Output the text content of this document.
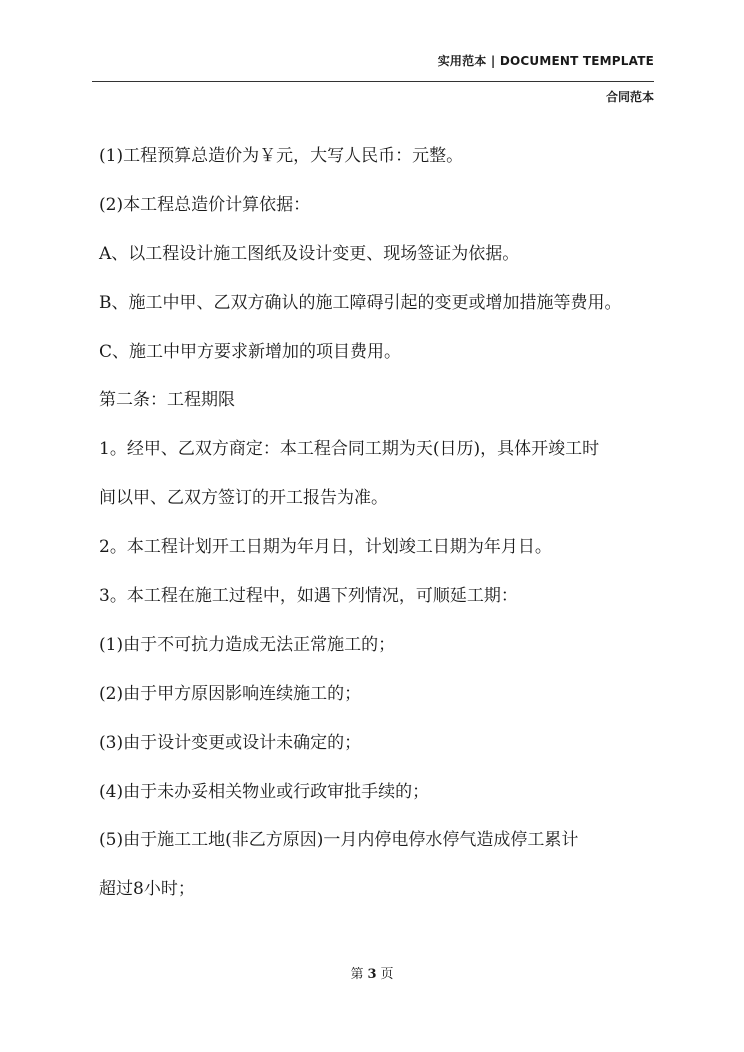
实用范本 | DOCUMENT TEMPLATE
合同范本
(1)工程预算总造价为￥元，大写人民币：元整。
(2)本工程总造价计算依据：
A、以工程设计施工图纸及设计变更、现场签证为依据。
B、施工中甲、乙双方确认的施工障碍引起的变更或增加措施等费用。
C、施工中甲方要求新增加的项目费用。
第二条：工程期限
1。经甲、乙双方商定：本工程合同工期为天(日历)，具体开竣工时
间以甲、乙双方签订的开工报告为准。
2。本工程计划开工日期为年月日，计划竣工日期为年月日。
3。本工程在施工过程中，如遇下列情况，可顺延工期：
(1)由于不可抗力造成无法正常施工的；
(2)由于甲方原因影响连续施工的；
(3)由于设计变更或设计未确定的；
(4)由于未办妥相关物业或行政审批手续的；
(5)由于施工工地(非乙方原因)一月内停电停水停气造成停工累计
超过8小时；
第 3 页
